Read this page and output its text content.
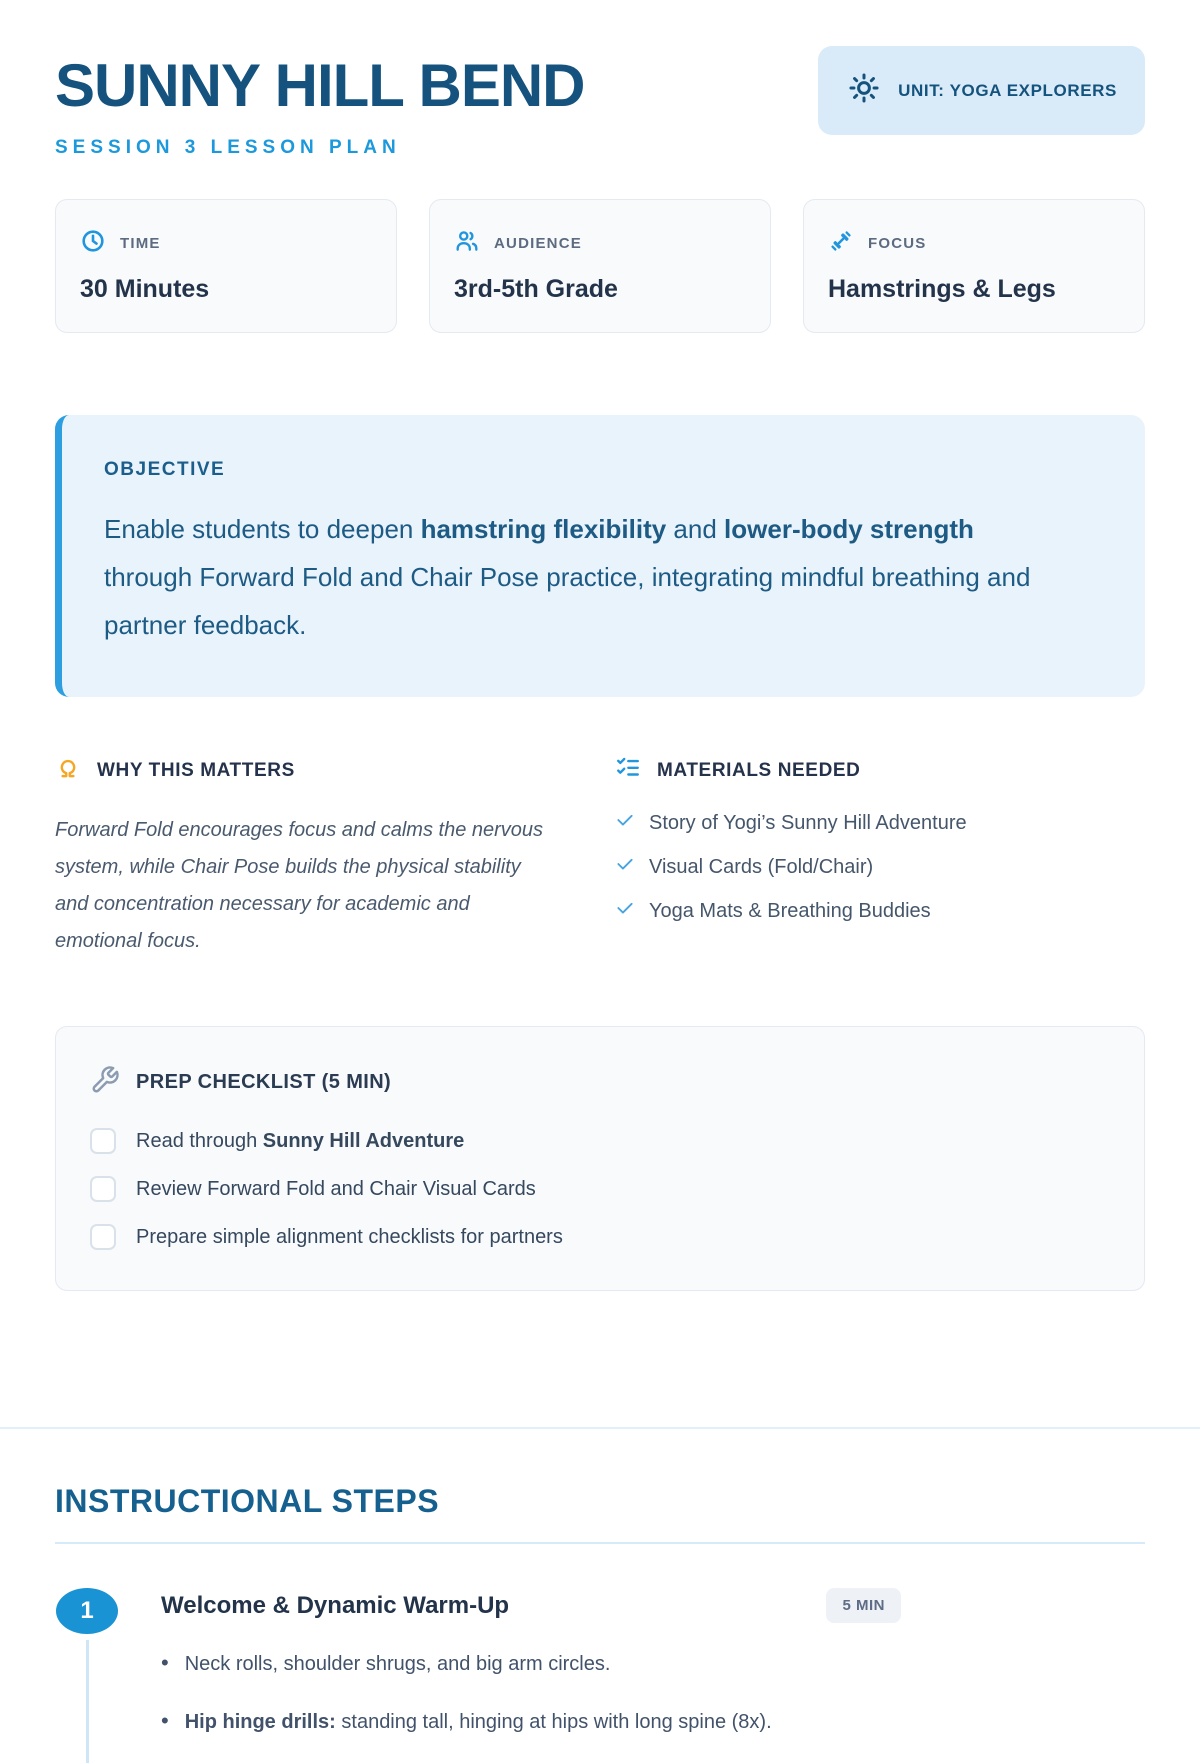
SUNNY HILL BEND
SESSION 3 LESSON PLAN
UNIT: YOGA EXPLORERS
TIME
30 Minutes
AUDIENCE
3rd-5th Grade
FOCUS
Hamstrings & Legs
OBJECTIVE

Enable students to deepen hamstring flexibility and lower-body strength through Forward Fold and Chair Pose practice, integrating mindful breathing and partner feedback.

WHY THIS MATTERS

Forward Fold encourages focus and calms the nervous system, while Chair Pose builds the physical stability and concentration necessary for academic and emotional focus.

MATERIALS NEEDED
Story of Yogi’s Sunny Hill Adventure
Visual Cards (Fold/Chair)
Yoga Mats & Breathing Buddies
PREP CHECKLIST (5 MIN)
Read through Sunny Hill Adventure
Review Forward Fold and Chair Visual Cards
Prepare simple alignment checklists for partners
INSTRUCTIONAL STEPS
1	Welcome & Dynamic Warm-Up	5 MIN
• Neck rolls, shoulder shrugs, and big arm circles.
• Hip hinge drills: standing tall, hinging at hips with long spine (8x).
